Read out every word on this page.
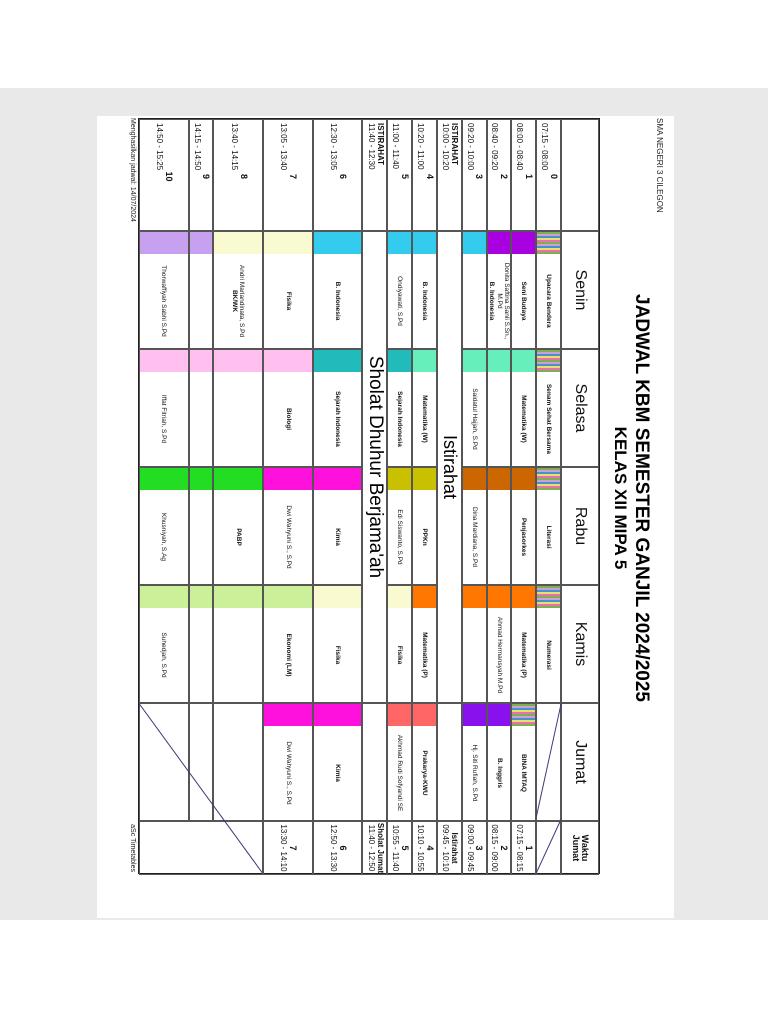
SMA NEGERI 3 CILEGON
JADWAL KBM SEMESTER GANJIL 2024/2025
KELAS XII MIPA 5
Senin
Selasa
Rabu
Kamis
Jumat
Waktu Jumat
0
07:15 - 08:00
1
08:00 - 08:40
2
08:40 - 09:20
3
09:20 - 10:00
ISTIRAHAT
10:00 - 10:20
4
10:20 - 11:00
5
11:00 - 11:40
ISTIRAHAT
11:40 - 12:30
6
12:30 - 13:05
7
13:05 - 13:40
8
13:40 - 14:15
9
14:15 - 14:50
10
14:50 - 15:25
Istirahat
Sholat Dhuhur Berjama'ah
Upacara Bendera
Seni Budaya
Donita Saftina Sanli S.Sn., M.Pd
B. Indonesia
B. Indonesia
Ondiyawati, S.Pd
B. Indonesia
Fisika
Andri Marlandinata, S.Pd
BK/WK
Thorwaffiyah Sabhi S.Pd
Senam Sehat Bersama
Matematika (W)
Saidatul Hajjah, S.Pd
Matematika (W)
Sejarah Indonesia
Sejarah Indonesia
Biologi
Iffat Fitriah, S.Pd
Literasi
Penjasorkes
Dina Mardiana, S.Pd
PPKn
Edi Siswanto, S.Pd
Kimia
Dwi Wahyuni S., S.Pd
PABP
Khusniyah, S.Ag
Numerasi
Matematika (P)
Ahmad Hermansyah M.Pd
Matematika (P)
Fisika
Fisika
Ekonomi (LM)
Suhedjah, S.Pd
BINA IMTAQ
B. Inggris
Hj. Siti Rufiah, S.Pd
Prakarya-KWU
Akhmad Rudi Sofyandi SE
Kimia
Dwi Wahyuni S., S.Pd
1
07:15 - 08:15
2
08:15 - 09:00
3
09:00 - 09:45
Istirahat
09:45 - 10:10
4
10:10 - 10:55
5
10:55 - 11:40
Sholat Jumat
11:40 - 12:50
6
12:50 - 13:30
7
13:30 - 14:10
Menghasilkan jadwal: 14/07/2024
aSc Timetables
